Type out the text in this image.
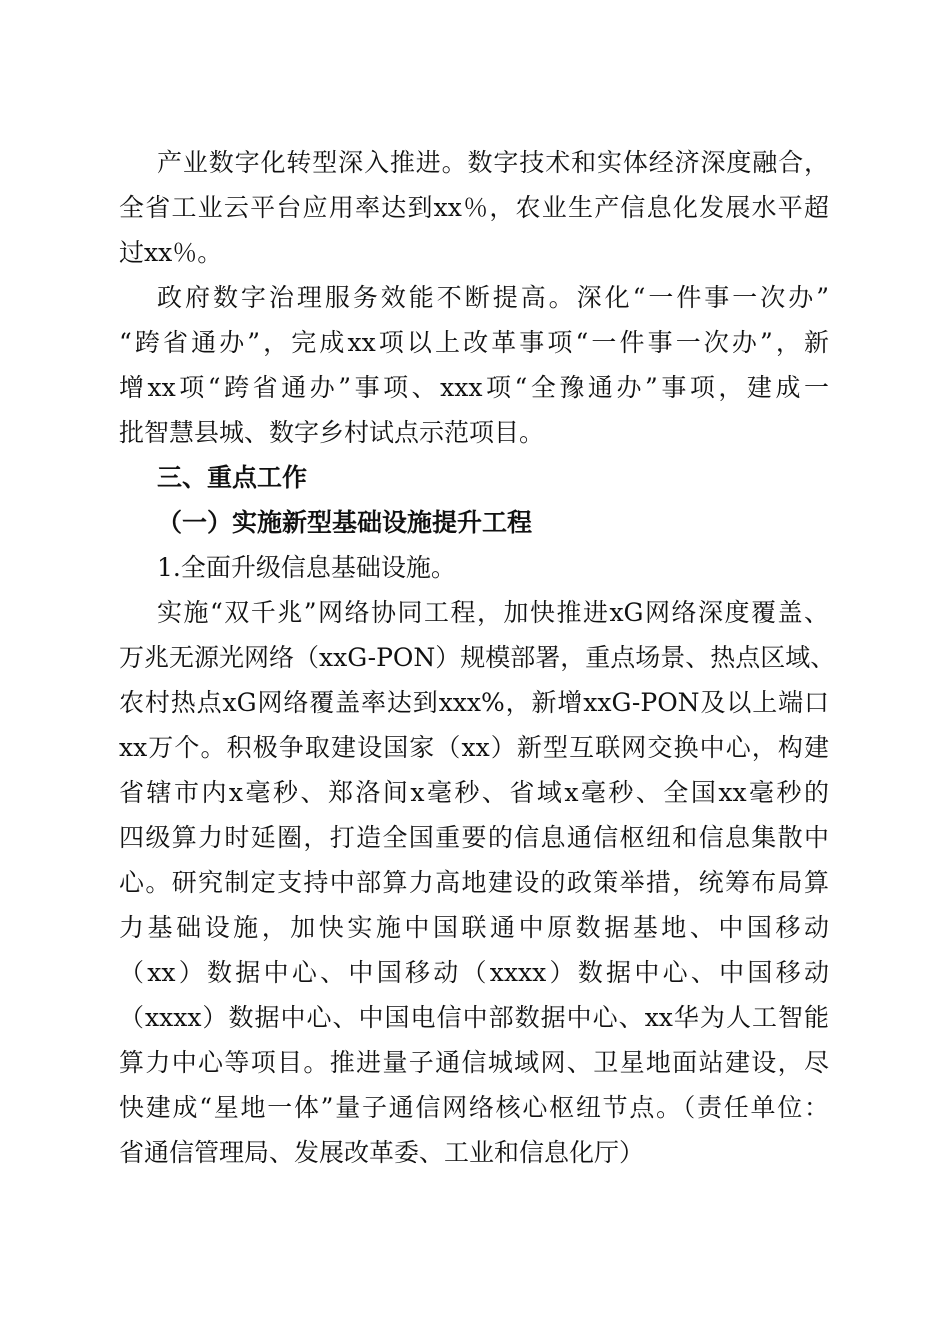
产业数字化转型深入推进。数字技术和实体经济深度融合，
全省工业云平台应用率达到xx％，农业生产信息化发展水平超
过xx％。
政府数字治理服务效能不断提高。深化“一件事一次办”
“跨省通办”，完成xx项以上改革事项“一件事一次办”，新
增xx项“跨省通办”事项、xxx项“全豫通办”事项，建成一
批智慧县城、数字乡村试点示范项目。
三、重点工作
（一）实施新型基础设施提升工程
1.全面升级信息基础设施。
实施“双千兆”网络协同工程，加快推进xG网络深度覆盖、
万兆无源光网络（xxG-PON）规模部署，重点场景、热点区域、
农村热点xG网络覆盖率达到xxx%，新增xxG-PON及以上端口
xx万个。积极争取建设国家（xx）新型互联网交换中心，构建
省辖市内x毫秒、郑洛间x毫秒、省域x毫秒、全国xx毫秒的
四级算力时延圈，打造全国重要的信息通信枢纽和信息集散中
心。研究制定支持中部算力高地建设的政策举措，统筹布局算
力基础设施，加快实施中国联通中原数据基地、中国移动
（xx）数据中心、中国移动（xxxx）数据中心、中国移动
（xxxx）数据中心、中国电信中部数据中心、xx华为人工智能
算力中心等项目。推进量子通信城域网、卫星地面站建设，尽
快建成“星地一体”量子通信网络核心枢纽节点。（责任单位：
省通信管理局、发展改革委、工业和信息化厅）
